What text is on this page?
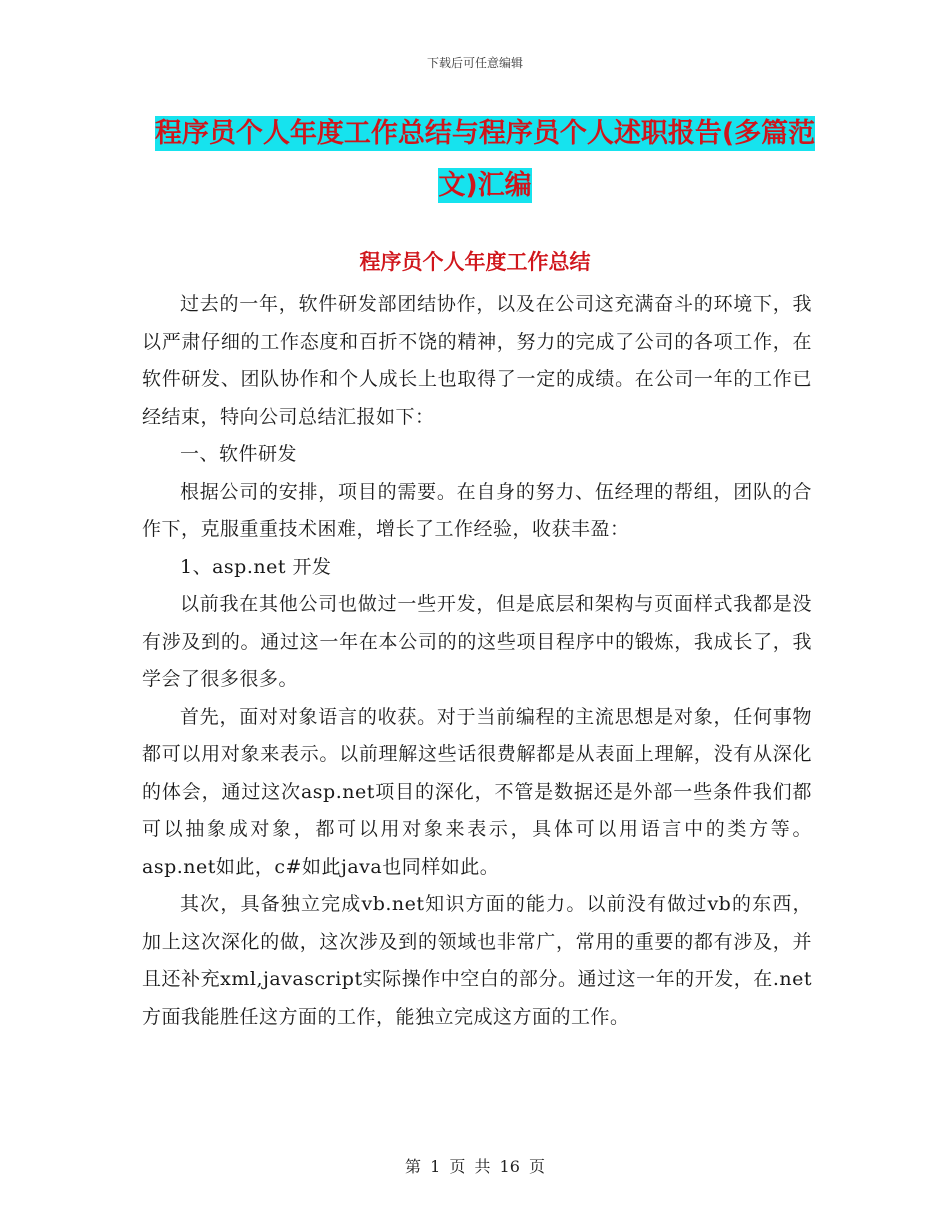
下载后可任意编辑
程序员个人年度工作总结与程序员个人述职报告(多篇范文)汇编
程序员个人年度工作总结

过去的一年，软件研发部团结协作，以及在公司这充满奋斗的环境下，我以严肃仔细的工作态度和百折不饶的精神，努力的完成了公司的各项工作，在软件研发、团队协作和个人成长上也取得了一定的成绩。在公司一年的工作已经结束，特向公司总结汇报如下：

一、软件研发

根据公司的安排，项目的需要。在自身的努力、伍经理的帮组，团队的合作下，克服重重技术困难，增长了工作经验，收获丰盈：

1、asp.net 开发

以前我在其他公司也做过一些开发，但是底层和架构与页面样式我都是没有涉及到的。通过这一年在本公司的的这些项目程序中的锻炼，我成长了，我学会了很多很多。

首先，面对对象语言的收获。对于当前编程的主流思想是对象，任何事物都可以用对象来表示。以前理解这些话很费解都是从表面上理解，没有从深化的体会，通过这次asp.net项目的深化，不管是数据还是外部一些条件我们都可以抽象成对象，都可以用对象来表示，具体可以用语言中的类方等。asp.net如此，c#如此java也同样如此。

其次，具备独立完成vb.net知识方面的能力。以前没有做过vb的东西，加上这次深化的做，这次涉及到的领域也非常广，常用的重要的都有涉及，并且还补充xml,javascript实际操作中空白的部分。通过这一年的开发，在.net 方面我能胜任这方面的工作，能独立完成这方面的工作。

第 1 页 共 16 页
